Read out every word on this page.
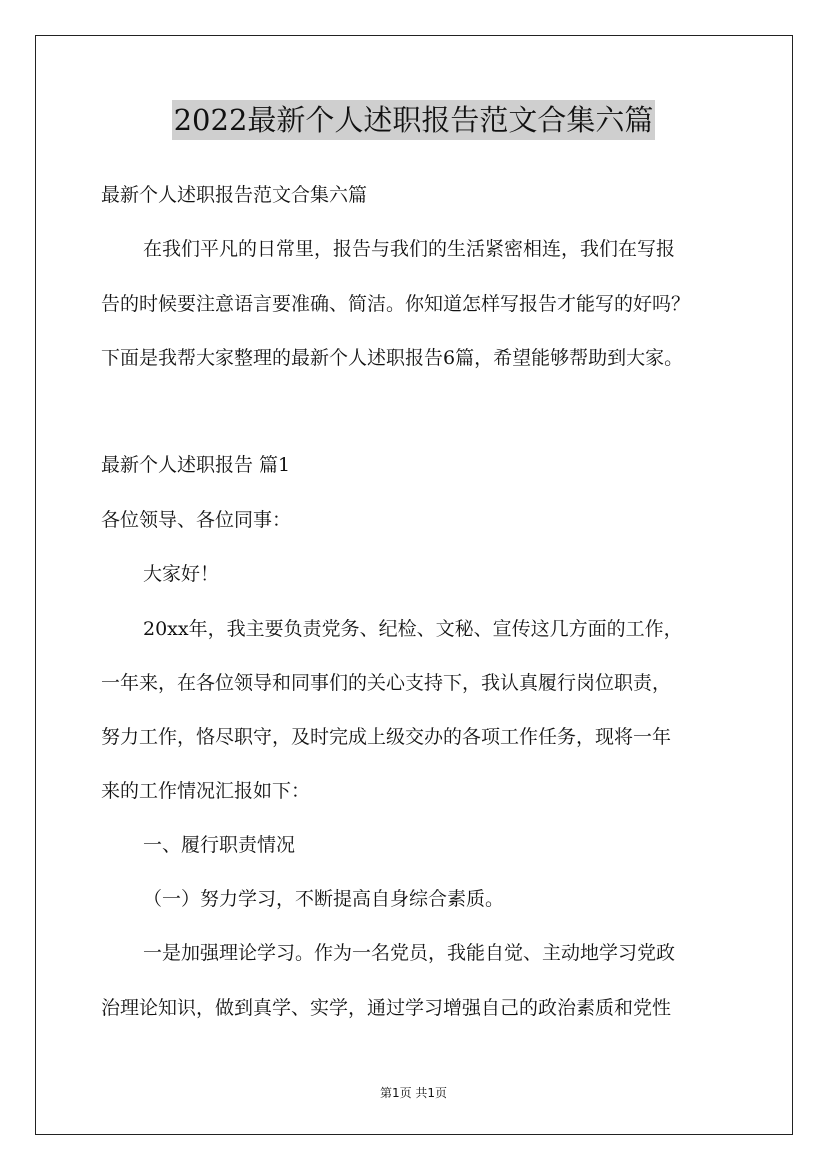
2022最新个人述职报告范文合集六篇
最新个人述职报告范文合集六篇
在我们平凡的日常里，报告与我们的生活紧密相连，我们在写报
告的时候要注意语言要准确、简洁。你知道怎样写报告才能写的好吗？
下面是我帮大家整理的最新个人述职报告6篇，希望能够帮助到大家。
最新个人述职报告 篇1
各位领导、各位同事：
大家好！
20xx年，我主要负责党务、纪检、文秘、宣传这几方面的工作，
一年来，在各位领导和同事们的关心支持下，我认真履行岗位职责，
努力工作，恪尽职守，及时完成上级交办的各项工作任务，现将一年
来的工作情况汇报如下：
一、履行职责情况
（一）努力学习，不断提高自身综合素质。
一是加强理论学习。作为一名党员，我能自觉、主动地学习党政
治理论知识，做到真学、实学，通过学习增强自己的政治素质和党性
第1页 共1页
